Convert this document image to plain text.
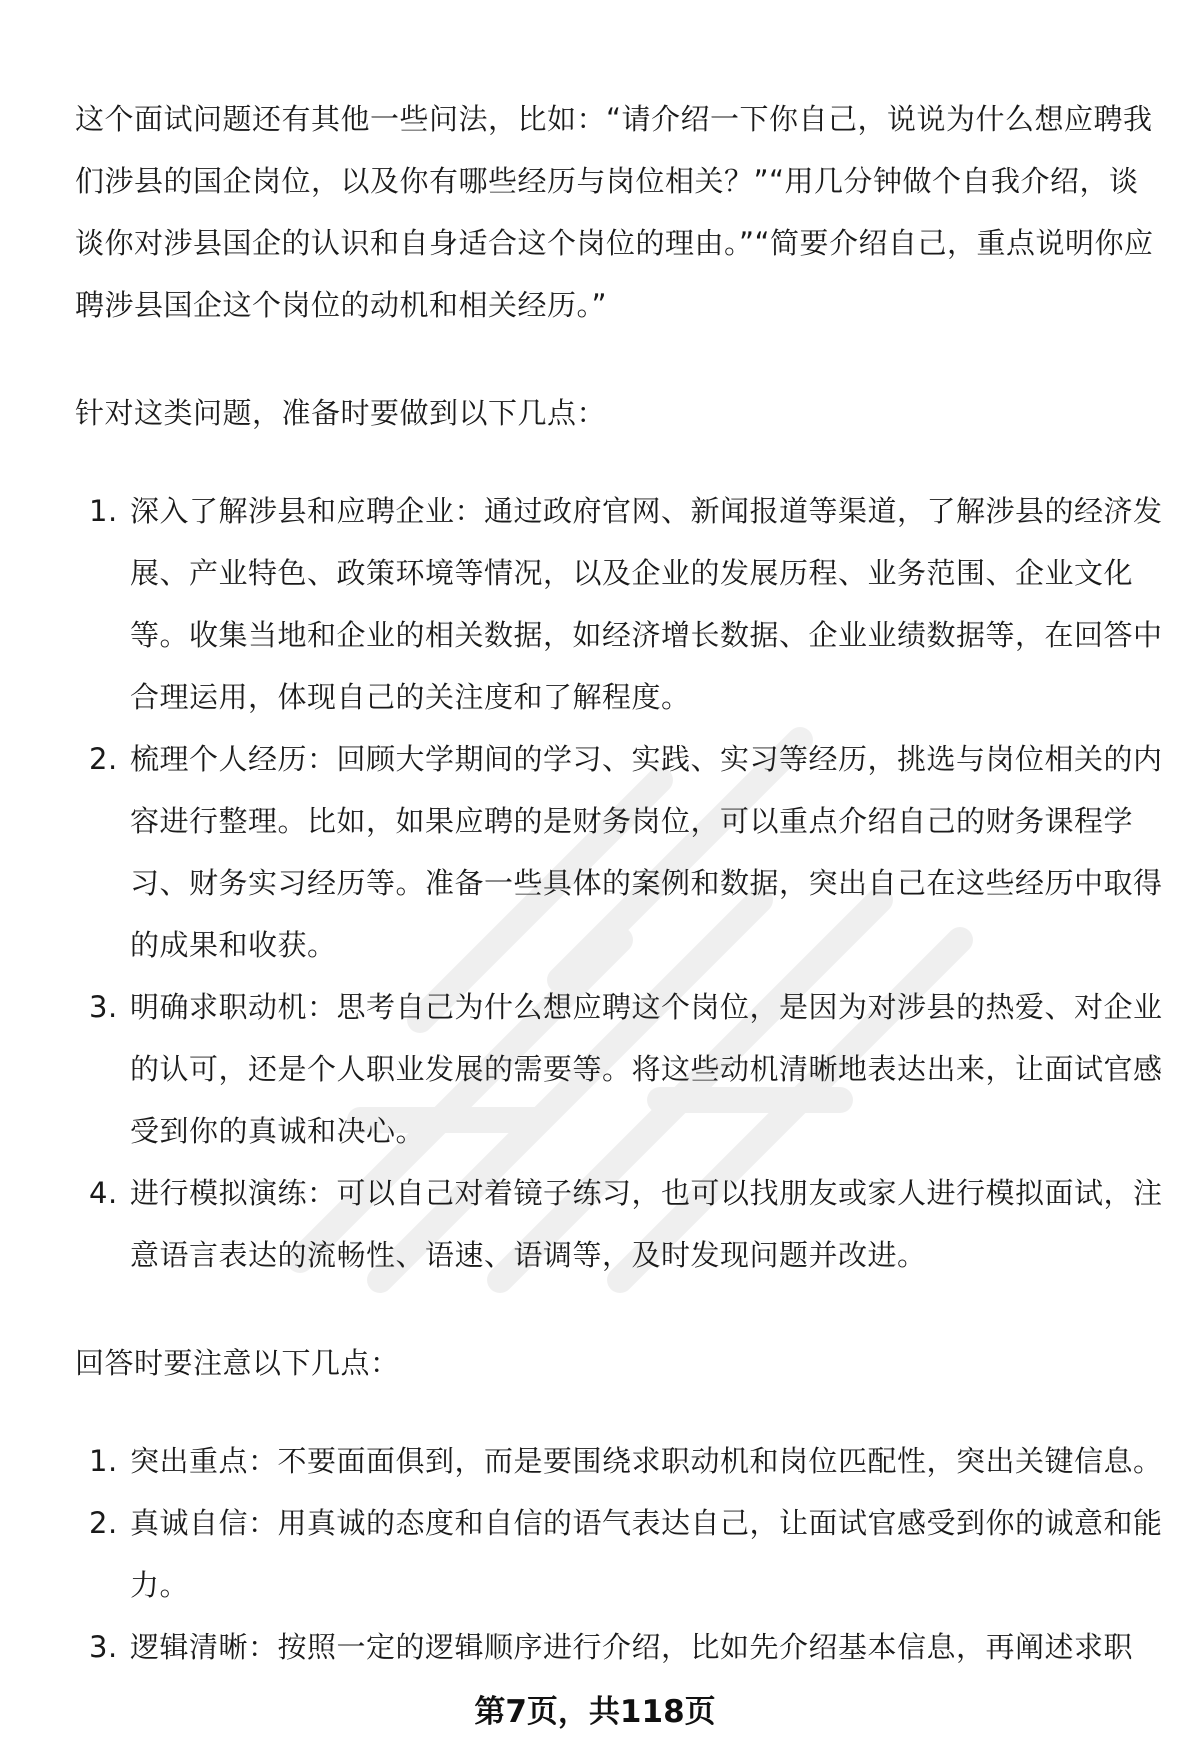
这个面试问题还有其他一些问法，比如：“请介绍一下你自己，说说为什么想应聘我们涉县的国企岗位，以及你有哪些经历与岗位相关？”“用几分钟做个自我介绍，谈谈你对涉县国企的认识和自身适合这个岗位的理由。”“简要介绍自己，重点说明你应聘涉县国企这个岗位的动机和相关经历。”

针对这类问题，准备时要做到以下几点：

1. 深入了解涉县和应聘企业：通过政府官网、新闻报道等渠道，了解涉县的经济发展、产业特色、政策环境等情况，以及企业的发展历程、业务范围、企业文化等。收集当地和企业的相关数据，如经济增长数据、企业业绩数据等，在回答中合理运用，体现自己的关注度和了解程度。
2. 梳理个人经历：回顾大学期间的学习、实践、实习等经历，挑选与岗位相关的内容进行整理。比如，如果应聘的是财务岗位，可以重点介绍自己的财务课程学习、财务实习经历等。准备一些具体的案例和数据，突出自己在这些经历中取得的成果和收获。
3. 明确求职动机：思考自己为什么想应聘这个岗位，是因为对涉县的热爱、对企业的认可，还是个人职业发展的需要等。将这些动机清晰地表达出来，让面试官感受到你的真诚和决心。
4. 进行模拟演练：可以自己对着镜子练习，也可以找朋友或家人进行模拟面试，注意语言表达的流畅性、语速、语调等，及时发现问题并改进。

回答时要注意以下几点：

1. 突出重点：不要面面俱到，而是要围绕求职动机和岗位匹配性，突出关键信息。
2. 真诚自信：用真诚的态度和自信的语气表达自己，让面试官感受到你的诚意和能力。
3. 逻辑清晰：按照一定的逻辑顺序进行介绍，比如先介绍基本信息，再阐述求职
第7页，共118页
